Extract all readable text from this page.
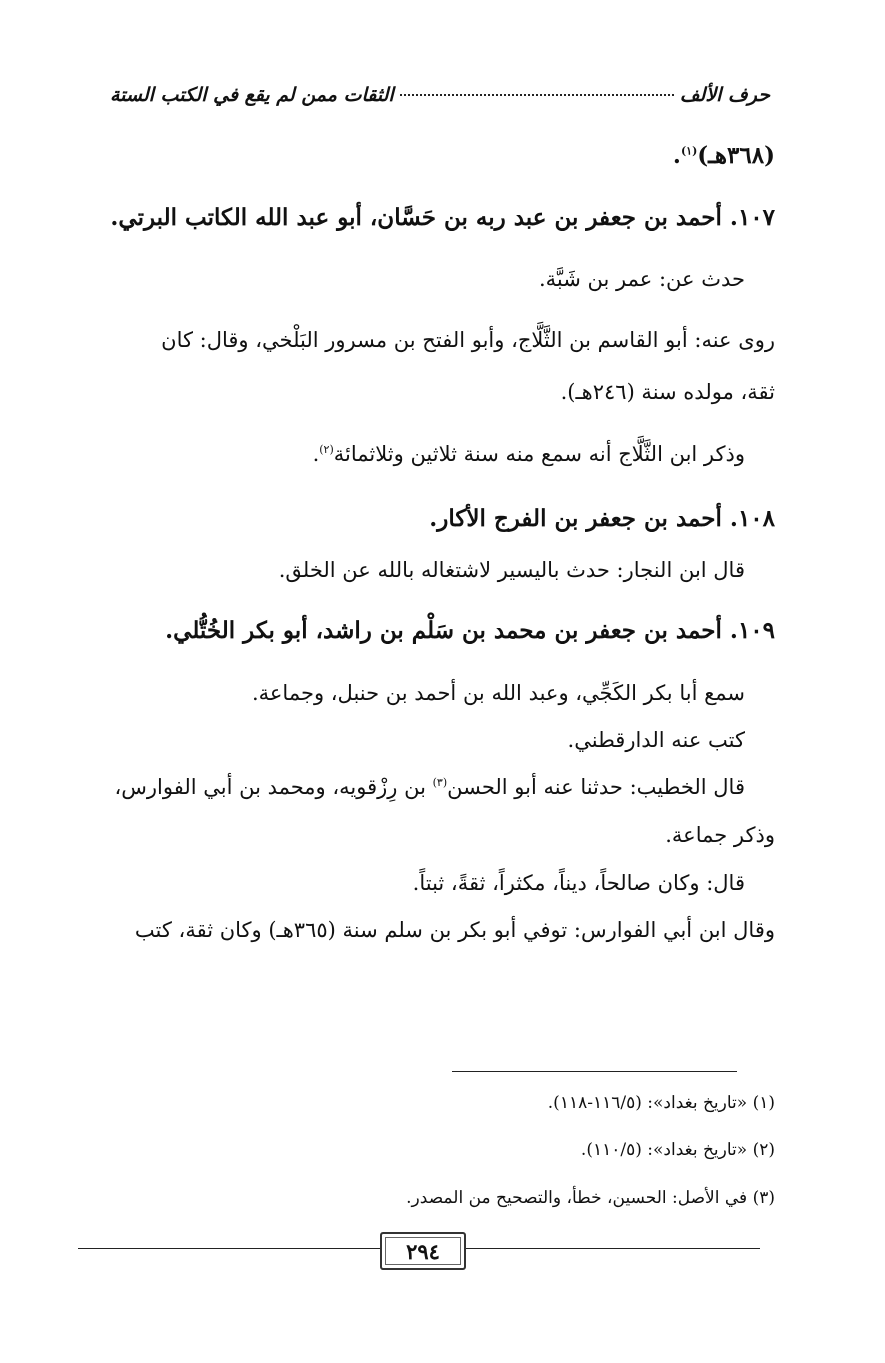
حرف الألف
الثقات ممن لم يقع في الكتب الستة
(٣٦٨هـ)$^{(١)}$.
١٠٧. أحمد بن جعفر بن عبد ربه بن حَسَّان، أبو عبد الله الكاتب البرتي.
حدث عن: عمر بن شَبَّة.
روى عنه: أبو القاسم بن الثَّلَّاج، وأبو الفتح بن مسرور البَلْخي، وقال: كان
ثقة، مولده سنة (٢٤٦هـ).
وذكر ابن الثَّلَّاج أنه سمع منه سنة ثلاثين وثلاثمائة$^{(٢)}$.
١٠٨. أحمد بن جعفر بن الفرج الأكار.
قال ابن النجار: حدث باليسير لاشتغاله بالله عن الخلق.
١٠٩. أحمد بن جعفر بن محمد بن سَلْم بن راشد، أبو بكر الخُتُّلي.
سمع أبا بكر الكَجِّي، وعبد الله بن أحمد بن حنبل، وجماعة.
كتب عنه الدارقطني.
قال الخطيب: حدثنا عنه أبو الحسن$^{(٣)}$ بن رِزْقويه، ومحمد بن أبي الفوارس،
وذكر جماعة.
قال: وكان صالحاً، ديناً، مكثراً، ثقةً، ثبتاً.
وقال ابن أبي الفوارس: توفي أبو بكر بن سلم سنة (٣٦٥هـ) وكان ثقة، كتب
(١) «تاريخ بغداد»: (١١٦/٥-١١٨).
(٢) «تاريخ بغداد»: (١١٠/٥).
(٣) في الأصل: الحسين، خطأ، والتصحيح من المصدر.
٢٩٤
